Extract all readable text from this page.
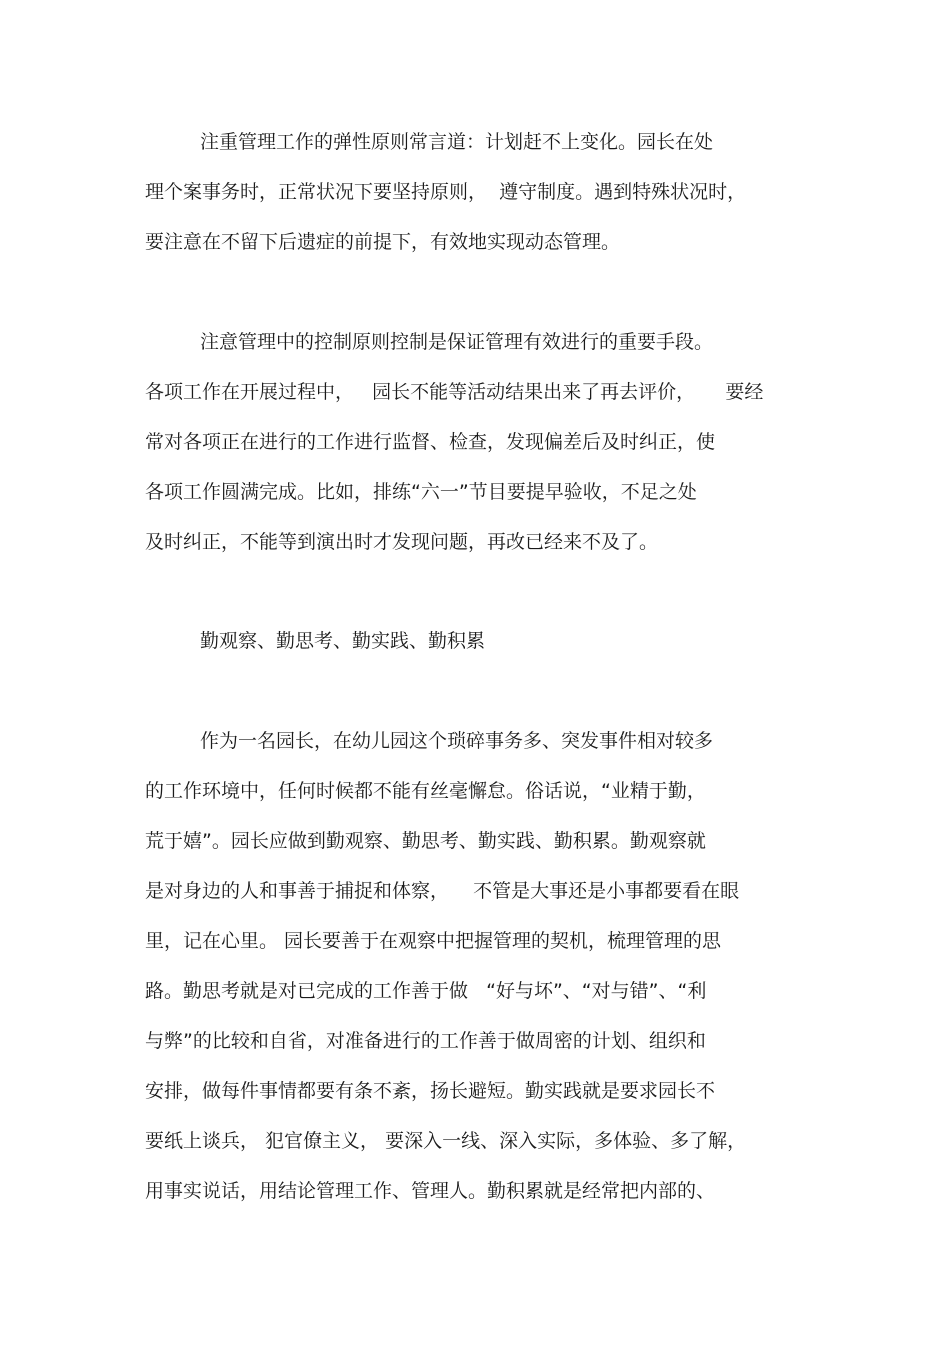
注重管理工作的弹性原则常言道：计划赶不上变化。园长在处
理个案事务时，正常状况下要坚持原则，  遵守制度。遇到特殊状况时，
要注意在不留下后遗症的前提下，有效地实现动态管理。
注意管理中的控制原则控制是保证管理有效进行的重要手段。
各项工作在开展过程中，   园长不能等活动结果出来了再去评价，     要经
常对各项正在进行的工作进行监督、检查，发现偏差后及时纠正，使
各项工作圆满完成。比如，排练“六一”节目要提早验收，不足之处
及时纠正，不能等到演出时才发现问题，再改已经来不及了。
勤观察、勤思考、勤实践、勤积累
作为一名园长，在幼儿园这个琐碎事务多、突发事件相对较多
的工作环境中，任何时候都不能有丝毫懈怠。俗话说，“业精于勤，
荒于嬉”。园长应做到勤观察、勤思考、勤实践、勤积累。勤观察就
是对身边的人和事善于捕捉和体察，    不管是大事还是小事都要看在眼
里，记在心里。 园长要善于在观察中把握管理的契机，梳理管理的思
路。勤思考就是对已完成的工作善于做   “好与坏”、“对与错”、“利
与弊”的比较和自省，对准备进行的工作善于做周密的计划、组织和
安排，做每件事情都要有条不紊，扬长避短。勤实践就是要求园长不
要纸上谈兵， 犯官僚主义， 要深入一线、深入实际，多体验、多了解，
用事实说话，用结论管理工作、管理人。勤积累就是经常把内部的、
